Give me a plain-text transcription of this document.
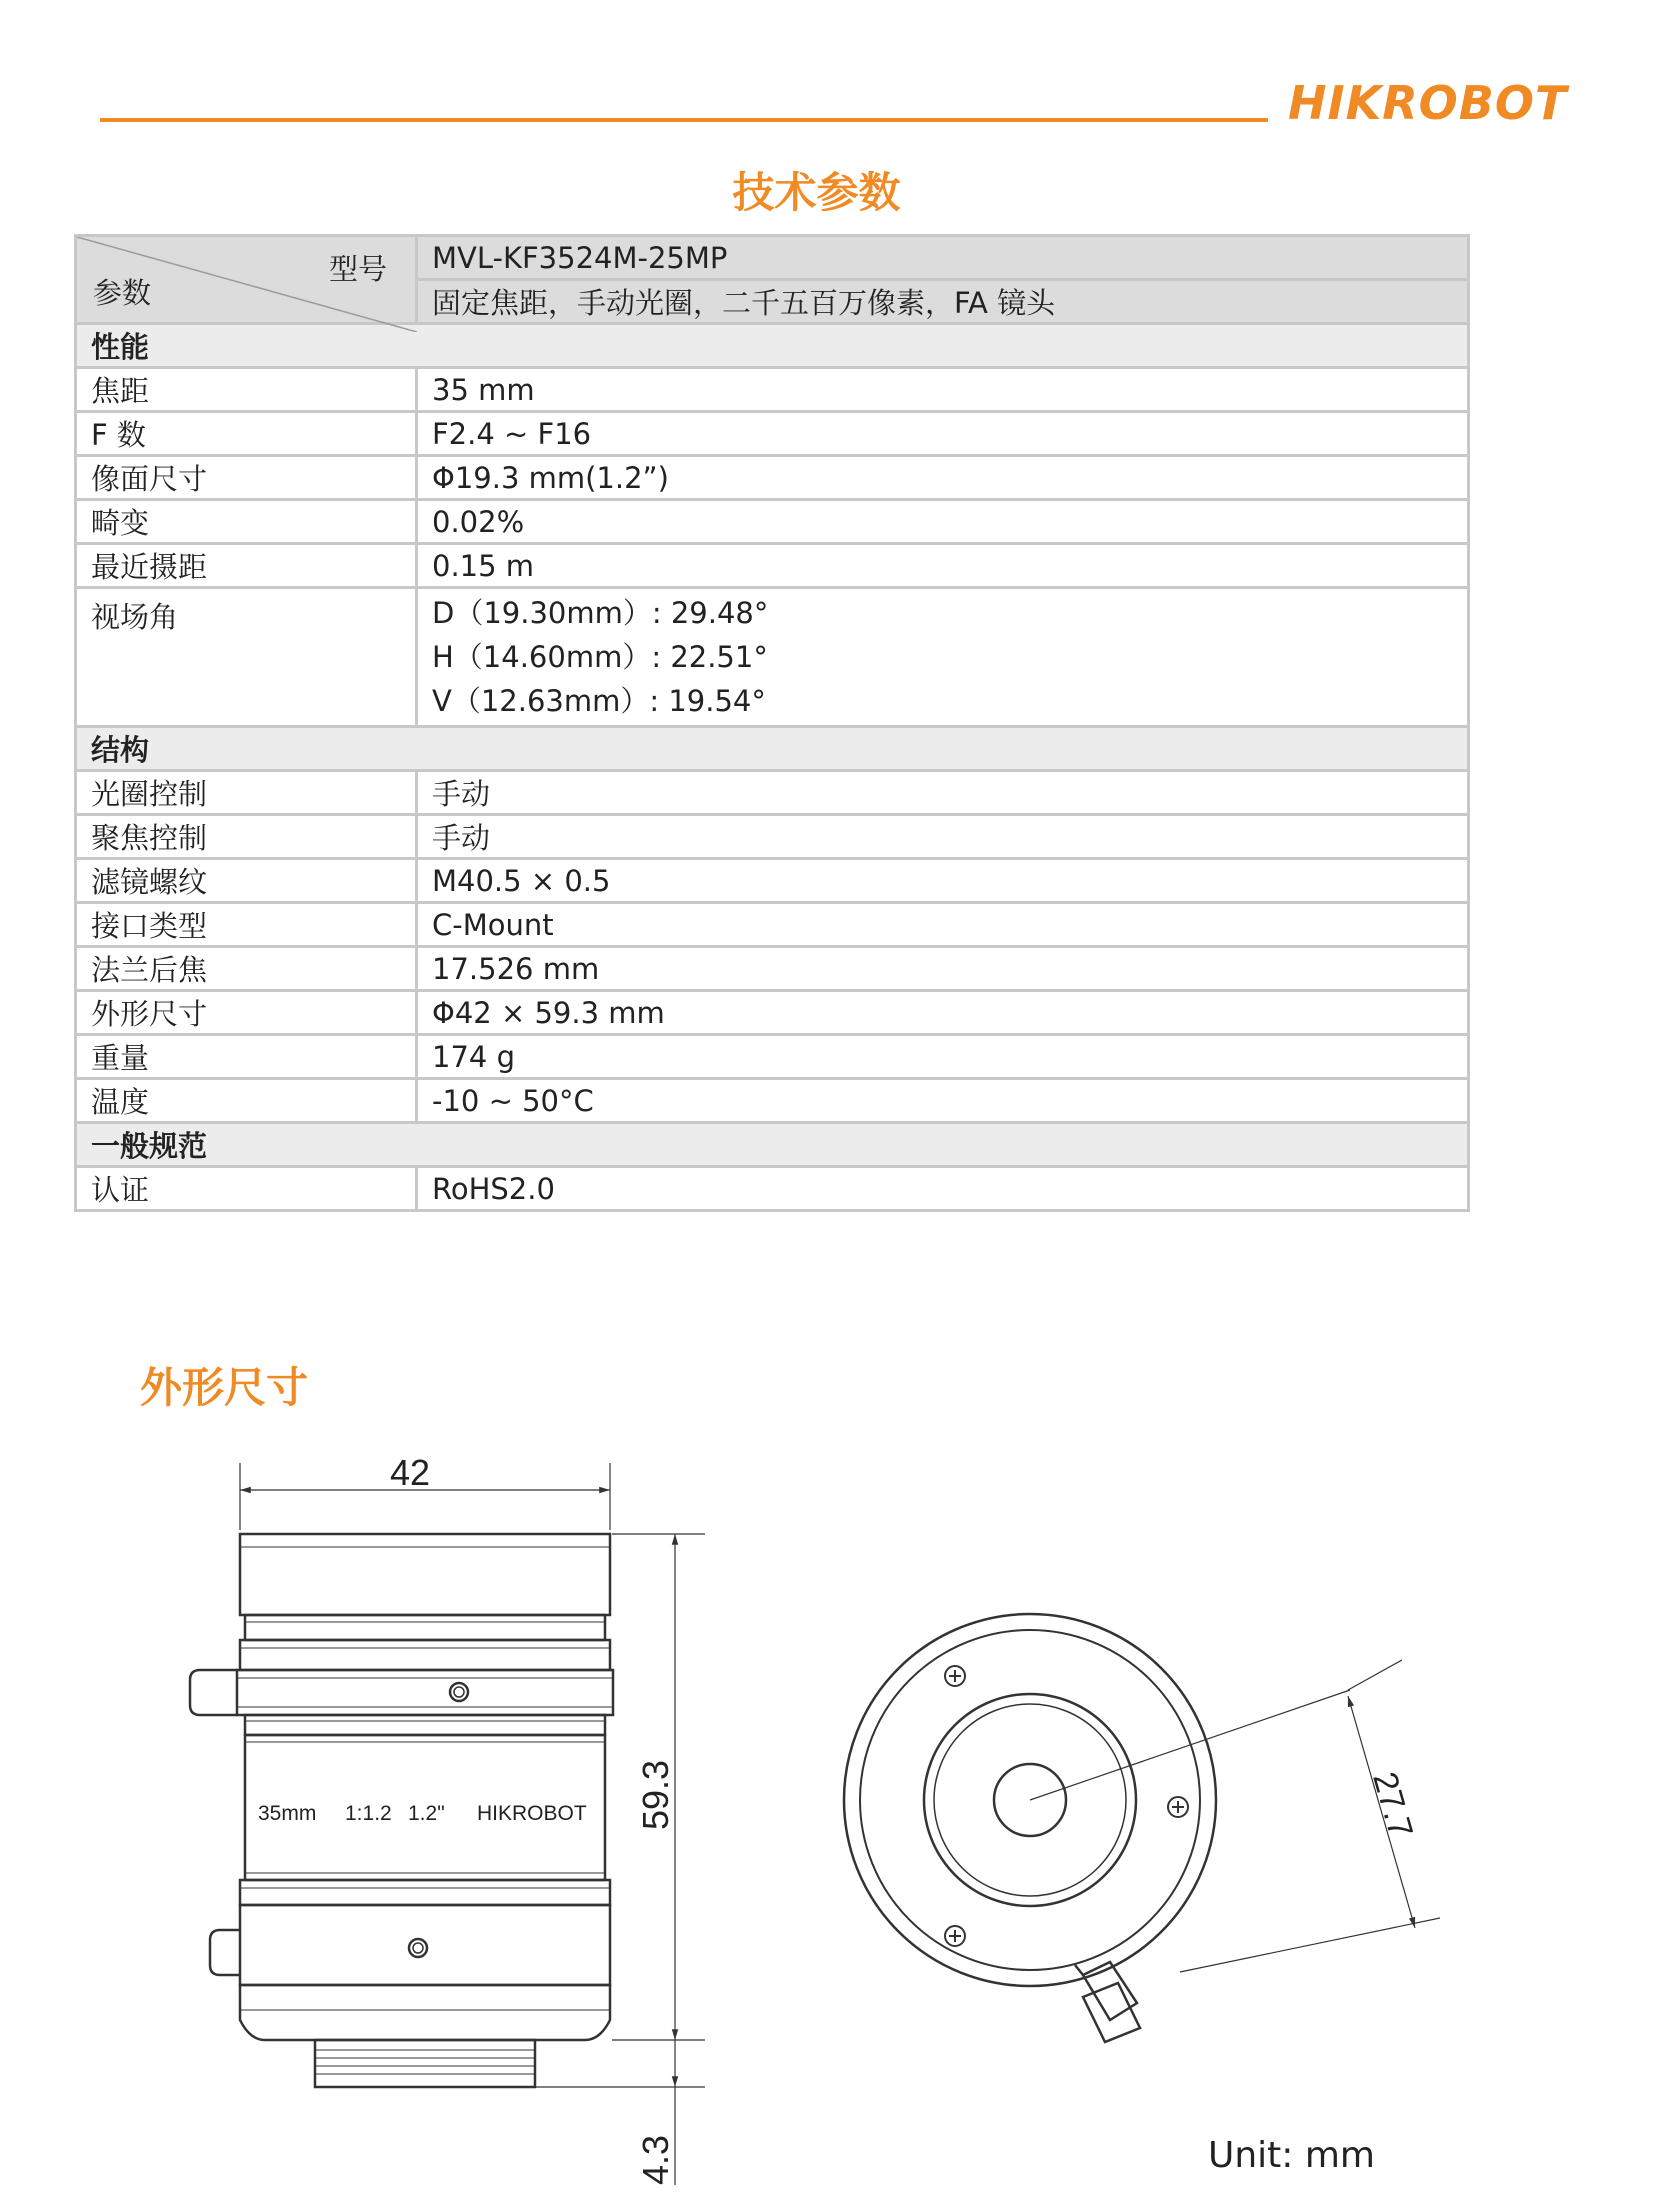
HIKROBOT
技术参数
型号
参数	MVL-KF3524M-25MP
	固定焦距，手动光圈，二千五百万像素，FA 镜头
性能	
焦距	35 mm
F 数	F2.4 ~ F16
像面尺寸	Φ19.3 mm(1.2”)
畸变	0.02%
最近摄距	0.15 m
视场角	D（19.30mm）: 29.48°
H（14.60mm）: 22.51°
V（12.63mm）: 19.54°

结构	
光圈控制	手动
聚焦控制	手动
滤镜螺纹	M40.5 × 0.5
接口类型	C-Mount
法兰后焦	17.526 mm
外形尺寸	Φ42 × 59.3 mm
重量	174 g
温度	-10 ~ 50°C
一般规范	
认证	RoHS2.0
外形尺寸
42
59.3
4.3
35mm 1:1.2 1.2" HIKROBOT	27.7
Unit: mm
